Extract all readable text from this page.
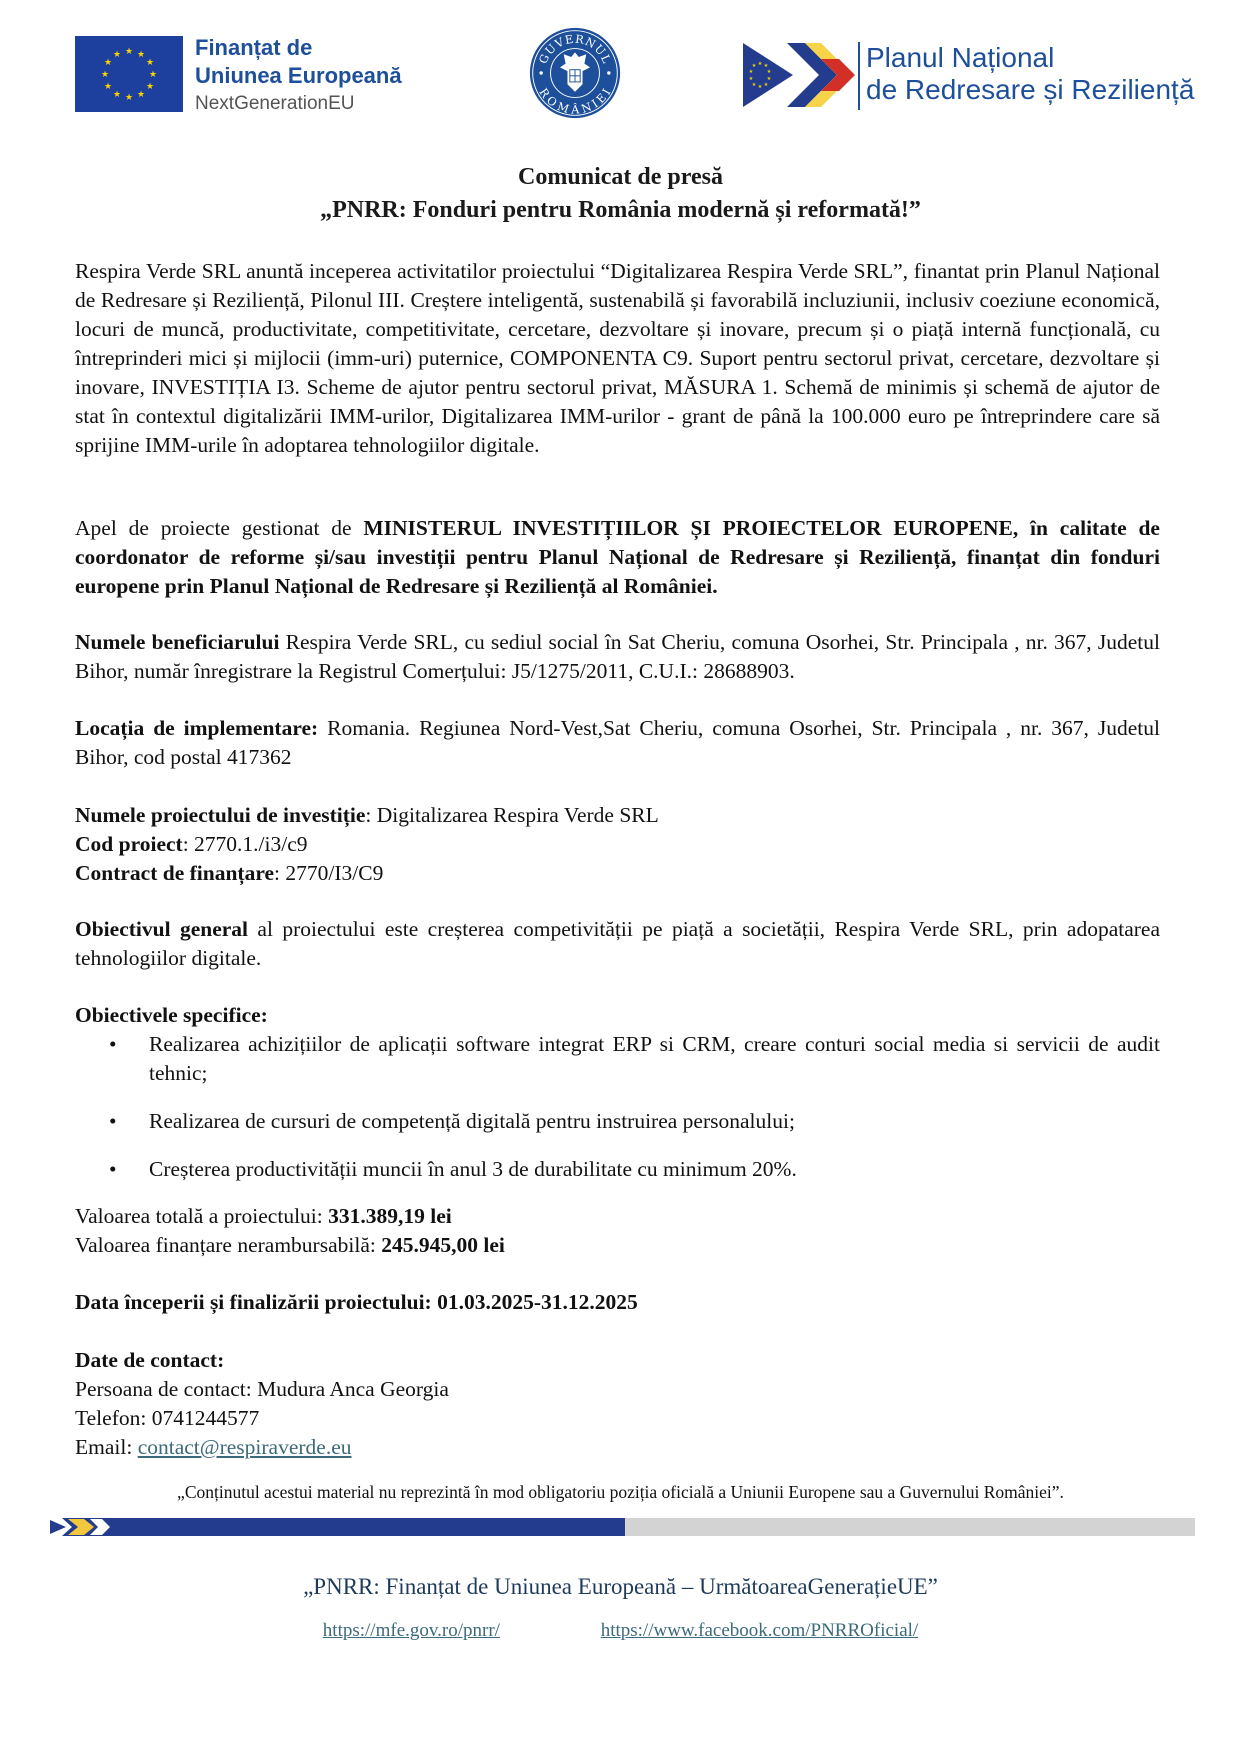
★ ★
★
★
★
★
★
★
★
★
★
★	Finanțat de
Uniunea Europeană
NextGenerationEU
GUVERNUL
ROMÂNIEI
★ ★
★
★
★
★
★
★
★
★	Planul Național
de Redresare și Reziliență
Comunicat de presă
„PNRR: Fonduri pentru România modernă și reformată!”

Respira Verde SRL anuntă inceperea activitatilor proiectului “Digitalizarea Respira Verde SRL”, finantat prin Planul Național de Redresare și Reziliență, Pilonul III. Creștere inteligentă, sustenabilă și favorabilă incluziunii, inclusiv coeziune economică, locuri de muncă, productivitate, competitivitate, cercetare, dezvoltare și inovare, precum și o piață internă funcțională, cu întreprinderi mici și mijlocii (imm-uri) puternice, COMPONENTA C9. Suport pentru sectorul privat, cercetare, dezvoltare și inovare, INVESTIȚIA I3. Scheme de ajutor pentru sectorul privat, MĂSURA 1. Schemă de minimis și schemă de ajutor de stat în contextul digitalizării IMM-urilor, Digitalizarea IMM-urilor - grant de până la 100.000 euro pe întreprindere care să sprijine IMM-urile în adoptarea tehnologiilor digitale.

Apel de proiecte gestionat de MINISTERUL INVESTIȚIILOR ȘI PROIECTELOR EUROPENE, în calitate de coordonator de reforme și/sau investiții pentru Planul Național de Redresare și Reziliență, finanțat din fonduri europene prin Planul Național de Redresare și Reziliență al României.

Numele beneficiarului Respira Verde SRL, cu sediul social în Sat Cheriu, comuna Osorhei, Str. Principala , nr. 367, Judetul Bihor, număr înregistrare la Registrul Comerțului: J5/1275/2011, C.U.I.: 28688903.

Locația de implementare: Romania. Regiunea Nord-Vest,Sat Cheriu, comuna Osorhei, Str. Principala , nr. 367, Judetul Bihor, cod postal 417362

Numele proiectului de investiție: Digitalizarea Respira Verde SRL

Cod proiect: 2770.1./i3/c9

Contract de finanțare: 2770/I3/C9

Obiectivul general al proiectului este creșterea competivității pe piață a societății, Respira Verde SRL, prin adopatarea tehnologiilor digitale.

Obiectivele specifice:

• Realizarea achizițiilor de aplicații software integrat ERP si CRM, creare conturi social media si servicii de audit tehnic;
• Realizarea de cursuri de competență digitală pentru instruirea personalului;
• Creșterea productivității muncii în anul 3 de durabilitate cu minimum 20%.

Valoarea totală a proiectului: 331.389,19 lei

Valoarea finanțare nerambursabilă: 245.945,00 lei

Data începerii și finalizării proiectului: 01.03.2025-31.12.2025

Date de contact:

Persoana de contact: Mudura Anca Georgia

Telefon: 0741244577

Email: contact@respiraverde.eu

„Conținutul acestui material nu reprezintă în mod obligatoriu poziția oficială a Uniunii Europene sau a Guvernului României”.
„PNRR: Finanțat de Uniunea Europeană – UrmătoareaGenerațieUE”
https://mfe.gov.ro/pnrr/	https://www.facebook.com/PNRROficial/
